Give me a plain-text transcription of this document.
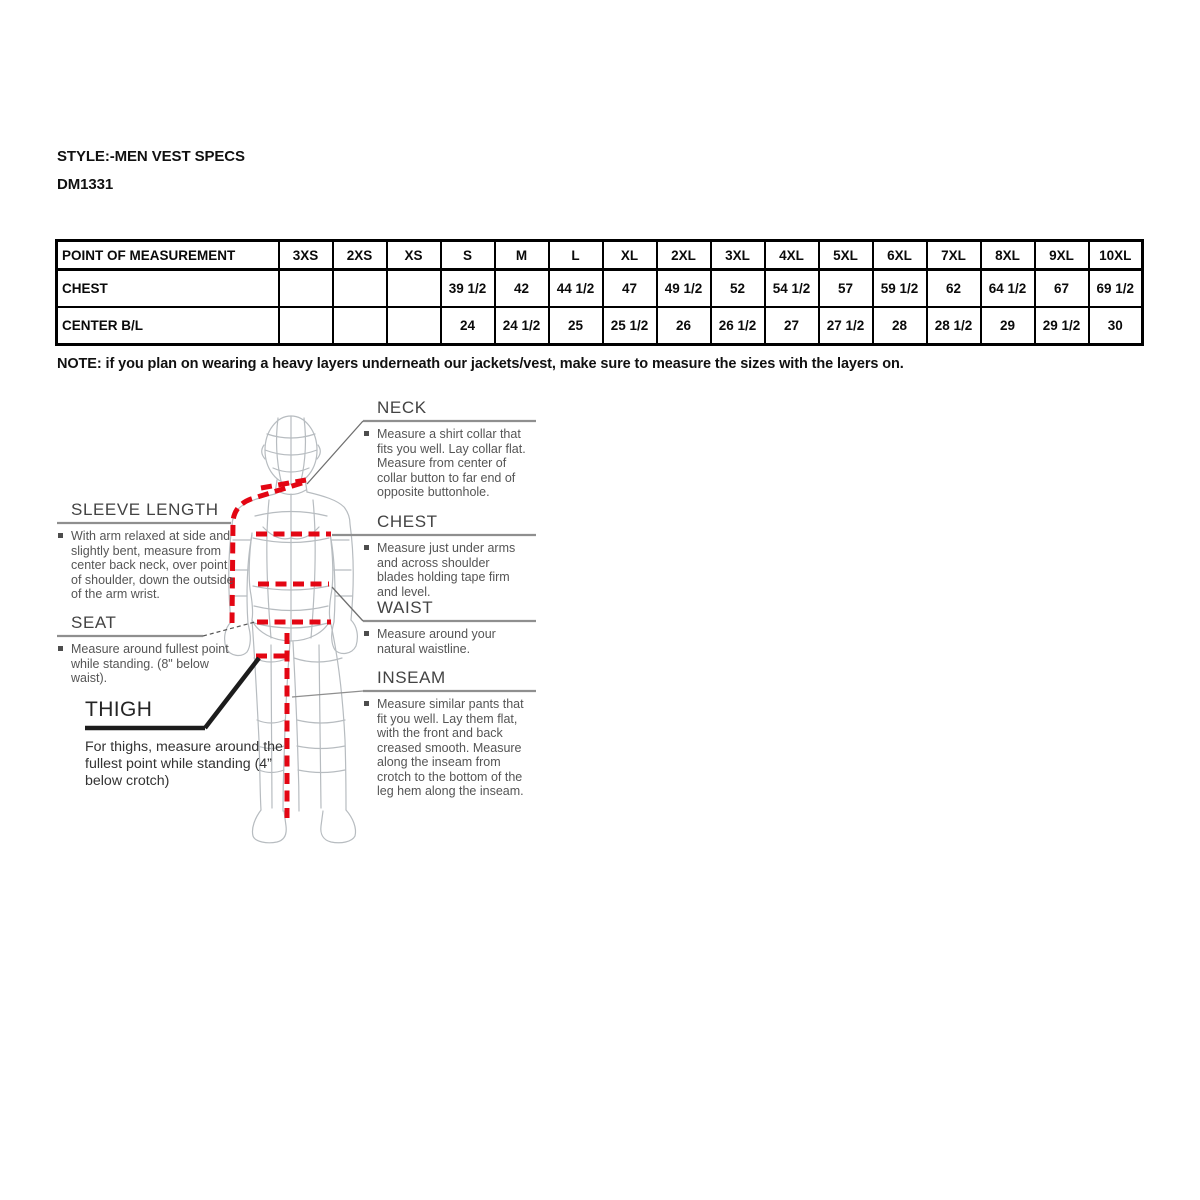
STYLE:-MEN VEST SPECS
DM1331
POINT OF MEASUREMENT	3XS	2XS	XS	S	M	L	XL	2XL	3XL	4XL	5XL	6XL	7XL	8XL	9XL	10XL
CHEST				39 1/2	42	44 1/2	47	49 1/2	52	54 1/2	57	59 1/2	62	64 1/2	67	69 1/2
CENTER B/L				24	24 1/2	25	25 1/2	26	26 1/2	27	27 1/2	28	28 1/2	29	29 1/2	30
NOTE: if you plan on wearing a heavy layers underneath our jackets/vest, make sure to measure the sizes with the layers on.
NECK
Measure a shirt collar that fits you well. Lay collar flat. Measure from center of collar button to far end of opposite buttonhole.
CHEST
Measure just under arms and across shoulder blades holding tape firm and level.
WAIST
Measure around your natural waistline.
INSEAM
Measure similar pants that fit you well. Lay them flat, with the front and back creased smooth. Measure along the inseam from crotch to the bottom of the leg hem along the inseam.
SLEEVE LENGTH
With arm relaxed at side and slightly bent, measure from center back neck, over point of shoulder, down the outside of the arm wrist.
SEAT
Measure around fullest point while standing. (8" below waist).
THIGH
For thighs, measure around the fullest point while standing (4” below crotch)
